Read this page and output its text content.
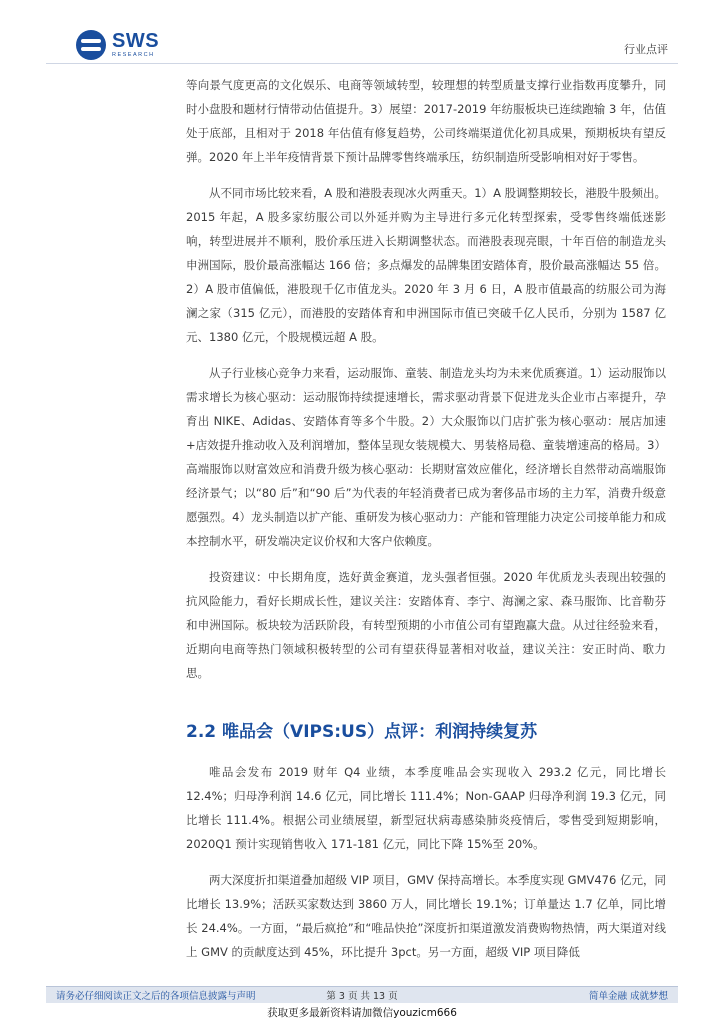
SWS
RESEARCH	行业点评

等向景气度更高的文化娱乐、电商等领域转型，较理想的转型质量支撑行业指数再度攀升，同时小盘股和题材行情带动估值提升。3）展望：2017-2019 年纺服板块已连续跑输 3 年，估值处于底部，且相对于 2018 年估值有修复趋势，公司终端渠道优化初具成果，预期板块有望反弹。2020 年上半年疫情背景下预计品牌零售终端承压，纺织制造所受影响相对好于零售。

从不同市场比较来看，A 股和港股表现冰火两重天。1）A 股调整期较长，港股牛股频出。2015 年起，A 股多家纺服公司以外延并购为主导进行多元化转型探索，受零售终端低迷影响，转型进展并不顺利，股价承压进入长期调整状态。而港股表现亮眼，十年百倍的制造龙头申洲国际，股价最高涨幅达 166 倍；多点爆发的品牌集团安踏体育，股价最高涨幅达 55 倍。2）A 股市值偏低，港股现千亿市值龙头。2020 年 3 月 6 日，A 股市值最高的纺服公司为海澜之家（315 亿元），而港股的安踏体育和申洲国际市值已突破千亿人民币，分别为 1587 亿元、1380 亿元，个股规模远超 A 股。

从子行业核心竞争力来看，运动服饰、童装、制造龙头均为未来优质赛道。1）运动服饰以需求增长为核心驱动：运动服饰持续提速增长，需求驱动背景下促进龙头企业市占率提升，孕育出 NIKE、Adidas、安踏体育等多个牛股。2）大众服饰以门店扩张为核心驱动：展店加速+店效提升推动收入及利润增加，整体呈现女装规模大、男装格局稳、童装增速高的格局。3）高端服饰以财富效应和消费升级为核心驱动：长期财富效应催化，经济增长自然带动高端服饰经济景气；以“80 后”和“90 后”为代表的年轻消费者已成为奢侈品市场的主力军，消费升级意愿强烈。4）龙头制造以扩产能、重研发为核心驱动力：产能和管理能力决定公司接单能力和成本控制水平，研发端决定议价权和大客户依赖度。

投资建议：中长期角度，选好黄金赛道，龙头强者恒强。2020 年优质龙头表现出较强的抗风险能力，看好长期成长性，建议关注：安踏体育、李宁、海澜之家、森马服饰、比音勒芬和申洲国际。板块较为活跃阶段，有转型预期的小市值公司有望跑赢大盘。从过往经验来看，近期向电商等热门领域积极转型的公司有望获得显著相对收益，建议关注：安正时尚、歌力思。

2.2 唯品会（VIPS:US）点评：利润持续复苏

唯品会发布 2019 财年 Q4 业绩，本季度唯品会实现收入 293.2 亿元，同比增长 12.4%；归母净利润 14.6 亿元，同比增长 111.4%；Non-GAAP 归母净利润 19.3 亿元，同比增长 111.4%。根据公司业绩展望，新型冠状病毒感染肺炎疫情后，零售受到短期影响，2020Q1 预计实现销售收入 171-181 亿元，同比下降 15%至 20%。

两大深度折扣渠道叠加超级 VIP 项目，GMV 保持高增长。本季度实现 GMV476 亿元，同比增长 13.9%；活跃买家数达到 3860 万人，同比增长 19.1%；订单量达 1.7 亿单，同比增长 24.4%。一方面，“最后疯抢”和“唯品快抢”深度折扣渠道激发消费购物热情，两大渠道对线上 GMV 的贡献度达到 45%，环比提升 3pct。另一方面，超级 VIP 项目降低

请务必仔细阅读正文之后的各项信息披露与声明	第 3 页 共 13 页	简单金融 成就梦想
获取更多最新资料请加微信youzicm666
